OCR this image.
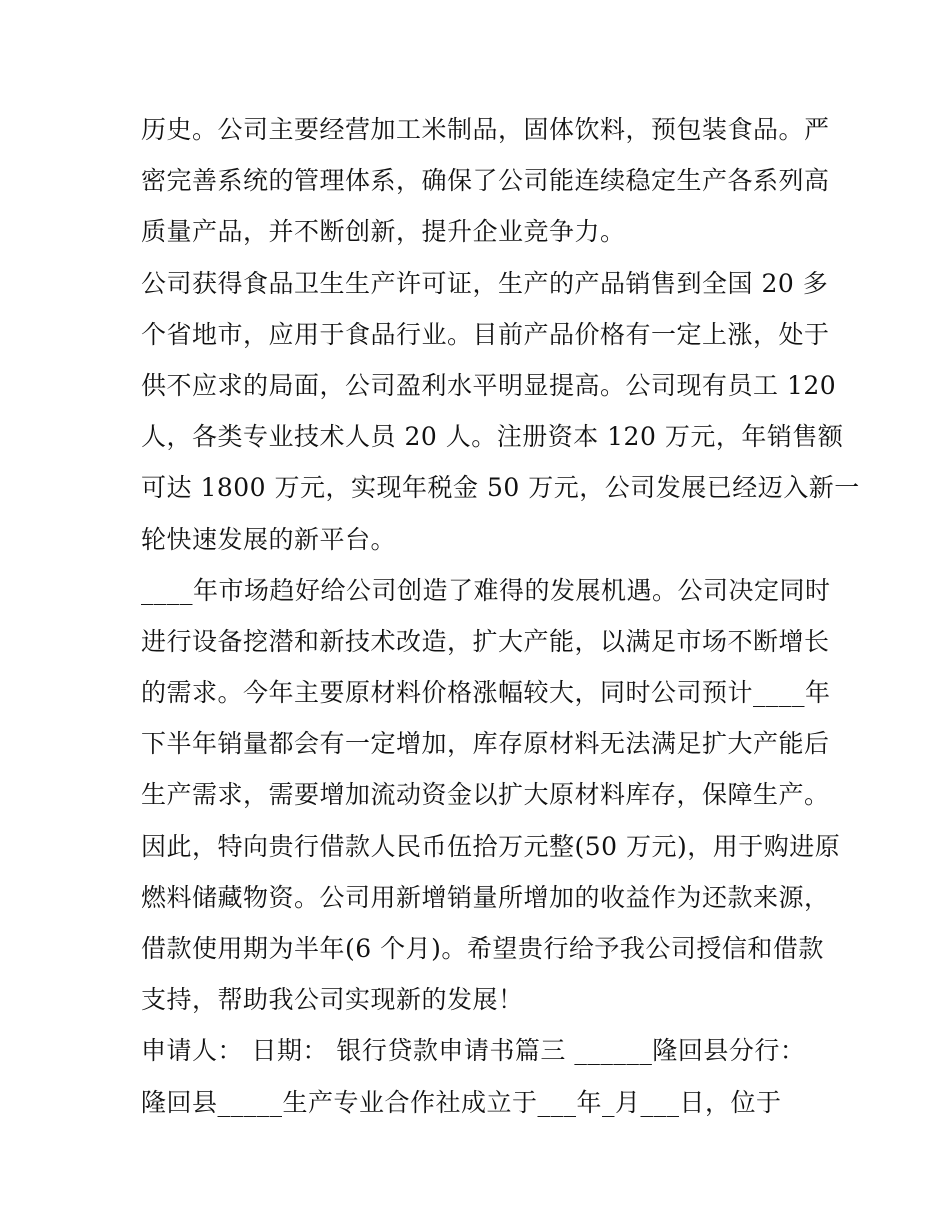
历史。公司主要经营加工米制品，固体饮料，预包装食品。严
密完善系统的管理体系，确保了公司能连续稳定生产各系列高
质量产品，并不断创新，提升企业竞争力。
公司获得食品卫生生产许可证，生产的产品销售到全国 20 多
个省地市，应用于食品行业。目前产品价格有一定上涨，处于
供不应求的局面，公司盈利水平明显提高。公司现有员工 120
人，各类专业技术人员 20 人。注册资本 120 万元，年销售额
可达 1800 万元，实现年税金 50 万元，公司发展已经迈入新一
轮快速发展的新平台。
____年市场趋好给公司创造了难得的发展机遇。公司决定同时
进行设备挖潜和新技术改造，扩大产能，以满足市场不断增长
的需求。今年主要原材料价格涨幅较大，同时公司预计____年
下半年销量都会有一定增加，库存原材料无法满足扩大产能后
生产需求，需要增加流动资金以扩大原材料库存，保障生产。
因此，特向贵行借款人民币伍拾万元整(50 万元)，用于购进原
燃料储藏物资。公司用新增销量所增加的收益作为还款来源，
借款使用期为半年(6 个月)。希望贵行给予我公司授信和借款
支持，帮助我公司实现新的发展！
申请人： 日期： 银行贷款申请书篇三 ______隆回县分行：
隆回县_____生产专业合作社成立于___年_月___日，位于
